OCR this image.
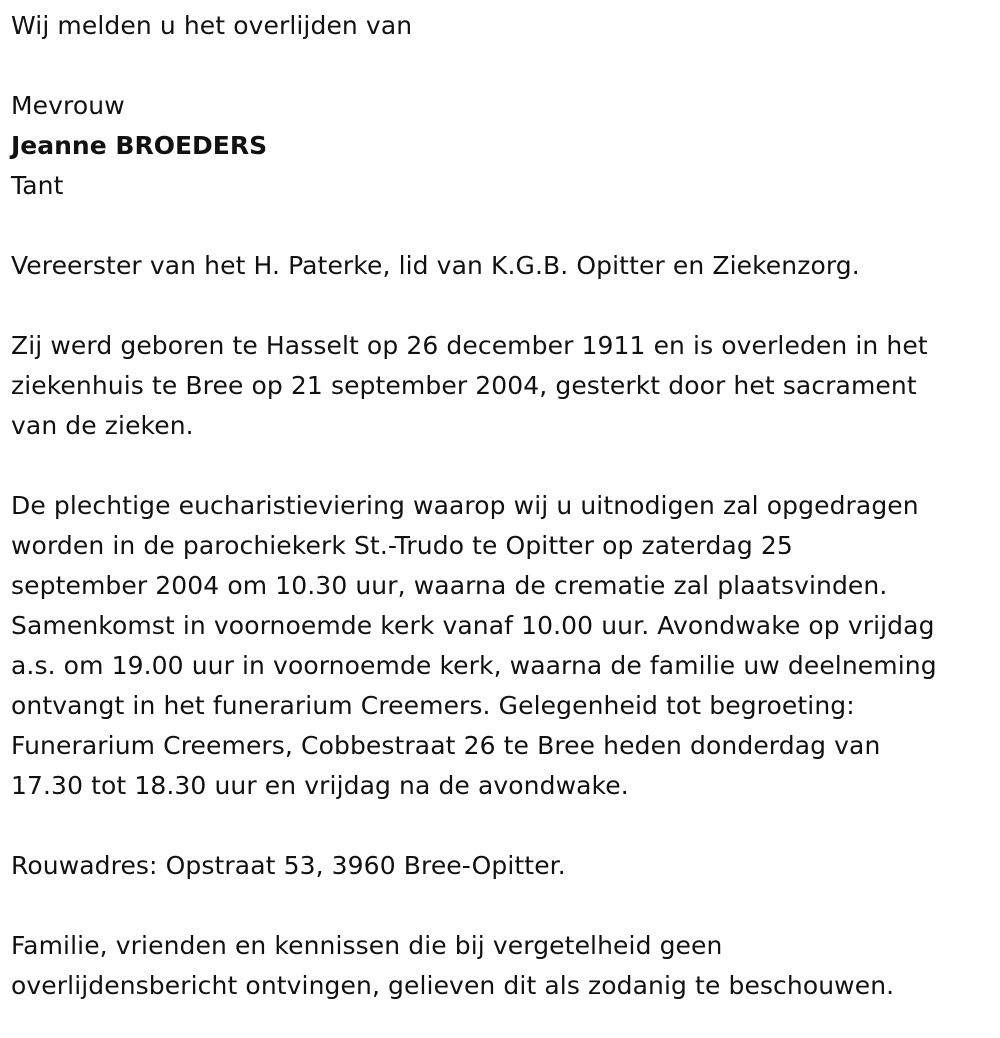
Wij melden u het overlijden van

Mevrouw

Jeanne BROEDERS

Tant

Vereerster van het H. Paterke, lid van K.G.B. Opitter en Ziekenzorg.

Zij werd geboren te Hasselt op 26 december 1911 en is overleden in het

ziekenhuis te Bree op 21 september 2004, gesterkt door het sacrament

van de zieken.

De plechtige eucharistieviering waarop wij u uitnodigen zal opgedragen

worden in de parochiekerk St.-Trudo te Opitter op zaterdag 25

september 2004 om 10.30 uur, waarna de crematie zal plaatsvinden.

Samenkomst in voornoemde kerk vanaf 10.00 uur. Avondwake op vrijdag

a.s. om 19.00 uur in voornoemde kerk, waarna de familie uw deelneming

ontvangt in het funerarium Creemers. Gelegenheid tot begroeting:

Funerarium Creemers, Cobbestraat 26 te Bree heden donderdag van

17.30 tot 18.30 uur en vrijdag na de avondwake.

Rouwadres: Opstraat 53, 3960 Bree-Opitter.

Familie, vrienden en kennissen die bij vergetelheid geen

overlijdensbericht ontvingen, gelieven dit als zodanig te beschouwen.
